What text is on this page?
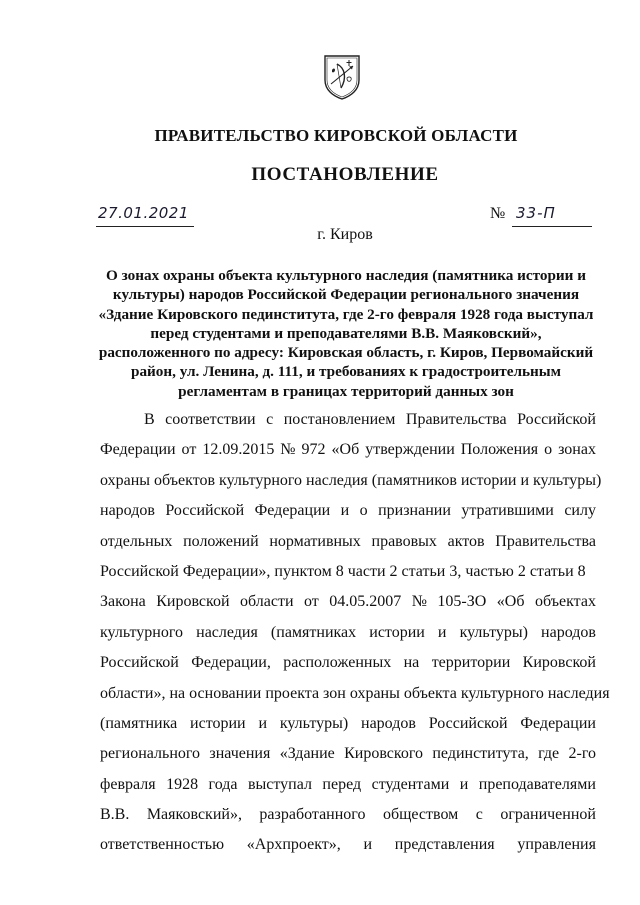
ПРАВИТЕЛЬСТВО КИРОВСКОЙ ОБЛАСТИ
ПОСТАНОВЛЕНИЕ
27.01.2021	№ 33-П
г. Киров
О зонах охраны объекта культурного наследия (памятника истории и
культуры) народов Российской Федерации регионального значения
«Здание Кировского пединститута, где 2-го февраля 1928 года выступал
перед студентами и преподавателями В.В. Маяковский»,
расположенного по адресу: Кировская область, г. Киров, Первомайский
район, ул. Ленина, д. 111, и требованиях к градостроительным
регламентам в границах территорий данных зон
В соответствии с постановлением Правительства Российской
Федерации от 12.09.2015 № 972 «Об утверждении Положения о зонах
охраны объектов культурного наследия (памятников истории и культуры)
народов Российской Федерации и о признании утратившими силу
отдельных положений нормативных правовых актов Правительства
Российской Федерации», пунктом 8 части 2 статьи 3, частью 2 статьи 8
Закона Кировской области от 04.05.2007 № 105-ЗО «Об объектах
культурного наследия (памятниках истории и культуры) народов
Российской Федерации, расположенных на территории Кировской
области», на основании проекта зон охраны объекта культурного наследия
(памятника истории и культуры) народов Российской Федерации
регионального значения «Здание Кировского пединститута, где 2-го
февраля 1928 года выступал перед студентами и преподавателями
В.В. Маяковский», разработанного обществом с ограниченной
ответственностью «Архпроект», и представления управления
